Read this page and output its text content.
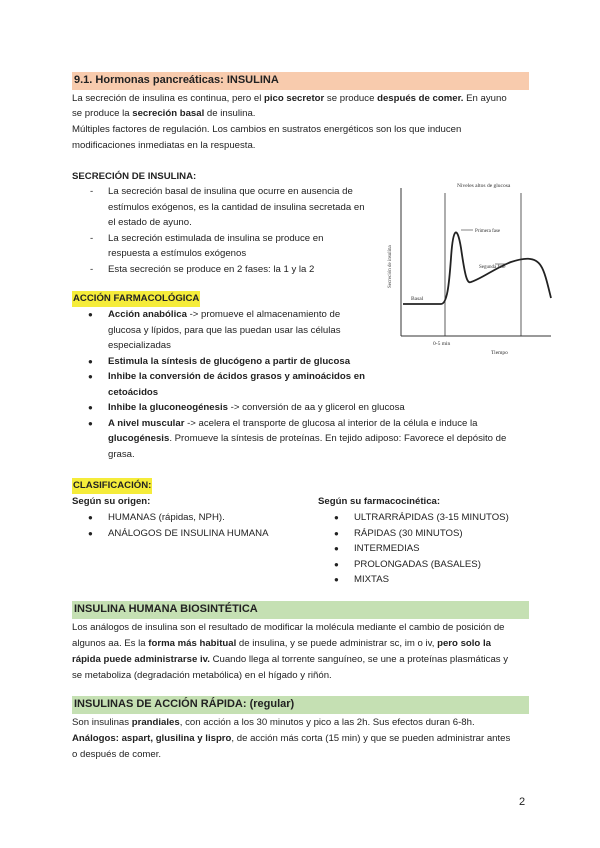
9.1. Hormonas pancreáticas: INSULINA
La secreción de insulina es continua, pero el pico secretor se produce después de comer. En ayuno
se produce la secreción basal de insulina.
Múltiples factores de regulación. Los cambios en sustratos energéticos son los que inducen
modificaciones inmediatas en la respuesta.
SECRECIÓN DE INSULINA:
- La secreción basal de insulina que ocurre en ausencia de
estímulos exógenos, es la cantidad de insulina secretada en
el estado de ayuno.
- La secreción estimulada de insulina se produce en
respuesta a estímulos exógenos
- Esta secreción se produce en 2 fases: la 1 y la 2
Niveles altos de glucosa
Secreción de insulina
Basal
Primera fase
Segunda fase
0-5 min
Tiempo
ACCIÓN FARMACOLÓGICA
● Acción anabólica -> promueve el almacenamiento de
glucosa y lípidos, para que las puedan usar las células
especializadas
● Estimula la síntesis de glucógeno a partir de glucosa
● Inhibe la conversión de ácidos grasos y aminoácidos en
cetoácidos
● Inhibe la gluconeogénesis -> conversión de aa y glicerol en glucosa
● A nivel muscular -> acelera el transporte de glucosa al interior de la célula e induce la
glucogénesis. Promueve la síntesis de proteínas. En tejido adiposo: Favorece el depósito de
grasa.
CLASIFICACIÓN:
Según su origen:
● HUMANAS (rápidas, NPH).
● ANÁLOGOS DE INSULINA HUMANA
Según su farmacocinética:
● ULTRARRÁPIDAS (3-15 MINUTOS)
● RÁPIDAS (30 MINUTOS)
● INTERMEDIAS
● PROLONGADAS (BASALES)
● MIXTAS
INSULINA HUMANA BIOSINTÉTICA
Los análogos de insulina son el resultado de modificar la molécula mediante el cambio de posición de
algunos aa. Es la forma más habitual de insulina, y se puede administrar sc, im o iv, pero solo la
rápida puede administrarse iv. Cuando llega al torrente sanguíneo, se une a proteínas plasmáticas y
se metaboliza (degradación metabólica) en el hígado y riñón.
INSULINAS DE ACCIÓN RÁPIDA: (regular)
Son insulinas prandiales, con acción a los 30 minutos y pico a las 2h. Sus efectos duran 6-8h.
Análogos: aspart, glusilina y lispro, de acción más corta (15 min) y que se pueden administrar antes
o después de comer.
2
